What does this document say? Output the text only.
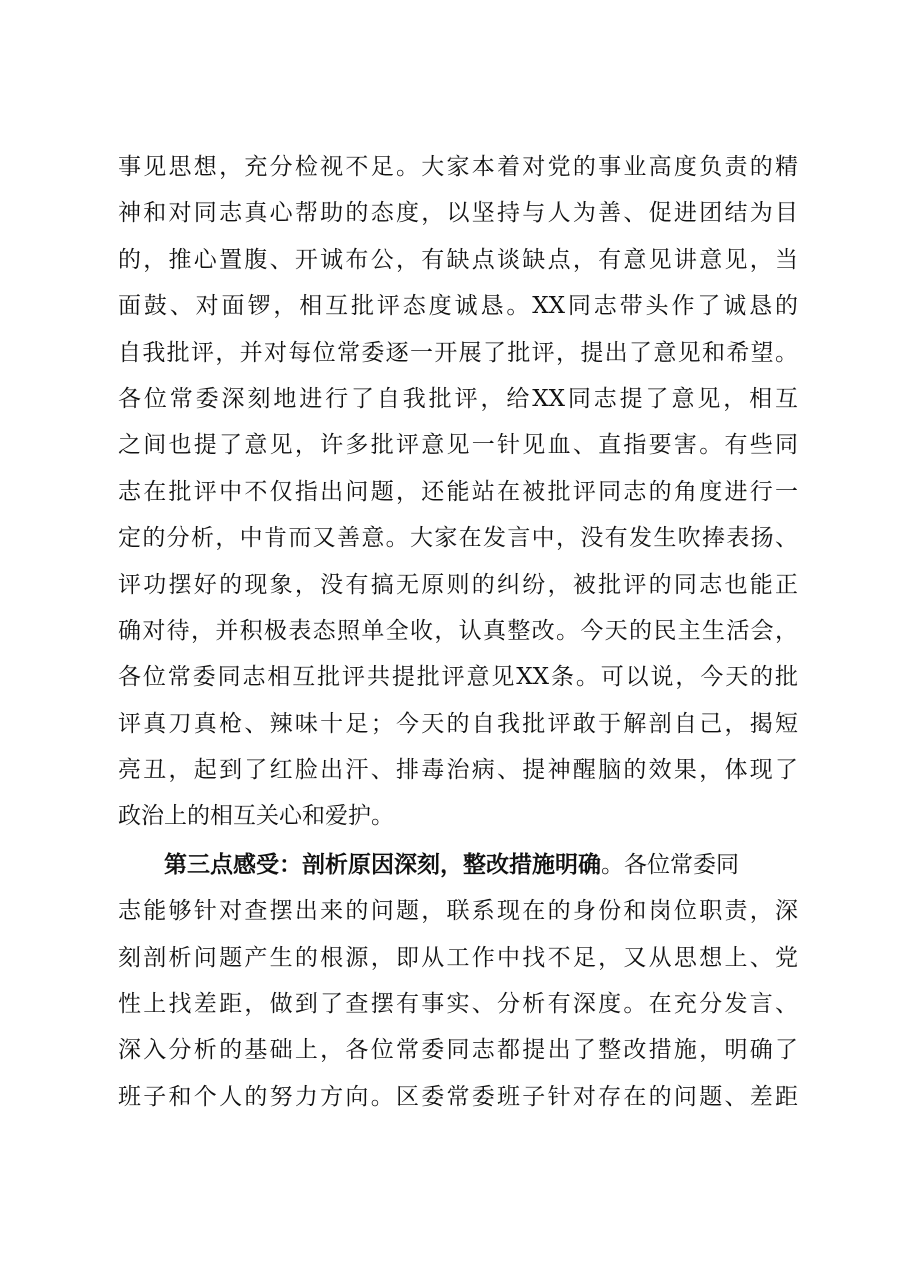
事见思想，充分检视不足。大家本着对党的事业高度负责的精
神和对同志真心帮助的态度，以坚持与人为善、促进团结为目
的，推心置腹、开诚布公，有缺点谈缺点，有意见讲意见，当
面鼓、对面锣，相互批评态度诚恳。XX同志带头作了诚恳的
自我批评，并对每位常委逐一开展了批评，提出了意见和希望。
各位常委深刻地进行了自我批评，给XX同志提了意见，相互
之间也提了意见，许多批评意见一针见血、直指要害。有些同
志在批评中不仅指出问题，还能站在被批评同志的角度进行一
定的分析，中肯而又善意。大家在发言中，没有发生吹捧表扬、
评功摆好的现象，没有搞无原则的纠纷，被批评的同志也能正
确对待，并积极表态照单全收，认真整改。今天的民主生活会，
各位常委同志相互批评共提批评意见XX条。可以说，今天的批
评真刀真枪、辣味十足；今天的自我批评敢于解剖自己，揭短
亮丑，起到了红脸出汗、排毒治病、提神醒脑的效果，体现了
政治上的相互关心和爱护。
第三点感受：剖析原因深刻，整改措施明确。各位常委同
志能够针对查摆出来的问题，联系现在的身份和岗位职责，深
刻剖析问题产生的根源，即从工作中找不足，又从思想上、党
性上找差距，做到了查摆有事实、分析有深度。在充分发言、
深入分析的基础上，各位常委同志都提出了整改措施，明确了
班子和个人的努力方向。区委常委班子针对存在的问题、差距
